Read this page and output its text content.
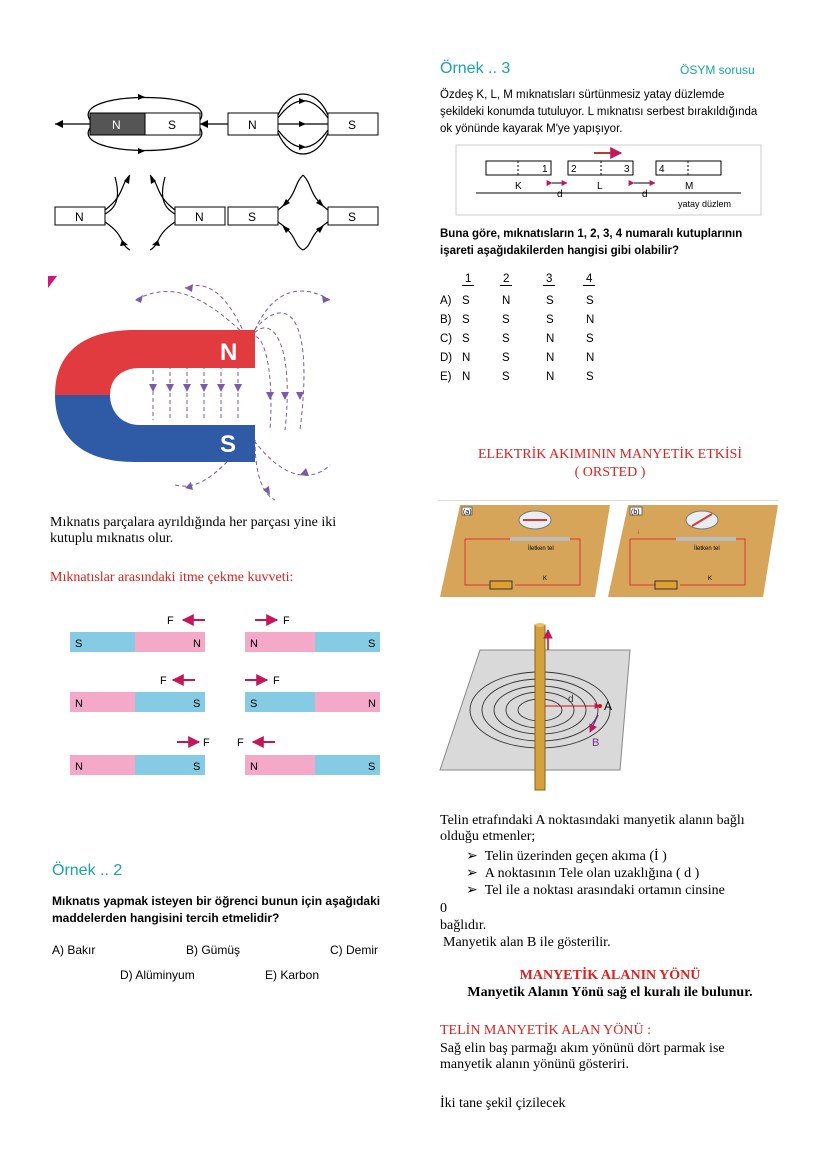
N	S	N	S
N	N	S	S
N
S
Mıknatıs parçalara ayrıldığında her parçası yine iki kutuplu mıknatıs olur.
Mıknatıslar arasındaki itme çekme kuvveti:
S	N	N	S
F	F
N	S	S	N
F	F
N	S	N	S
F F
Örnek .. 2
Mıknatıs yapmak isteyen bir öğrenci bunun için aşağıdaki maddelerden hangisini tercih etmelidir?
A) Bakır	B) Gümüş	C) Demir
D) Alüminyum	E) Karbon
Örnek .. 3	ÖSYM sorusu
Özdeş K, L, M mıknatısları sürtünmesiz yatay düzlemde şekildeki konumda tutuluyor. L mıknatısı serbest bırakıldığında ok yönünde kayarak M'ye yapışıyor.
1 2	3	4
K	L	M
d	d
yatay düzlem
Buna göre, mıknatısların 1, 2, 3, 4 numaralı kutuplarının işareti aşağıdakilerden hangisi gibi olabilir?
1	2	3	4
A) S	N	S	S
B) S	S	S	N
C) S	S	N	S
D) N	S	N	N
E) N	S	N	S
ELEKTRİK AKIMININ MANYETİK ETKİSİ
( ORSTED )
(a)	(b)
İletken tel	İletken tel
K	K
i
d	A
B
Telin etrafındaki A noktasındaki manyetik alanın bağlı olduğu etmenler;
➢  Telin üzerinden geçen akıma (İ )
➢  A noktasının Tele olan uzaklığına ( d )
➢  Tel ile a noktası arasındaki ortamın cinsine
0
bağlıdır.
Manyetik alan B ile gösterilir.
MANYETİK ALANIN YÖNÜ
Manyetik Alanın Yönü sağ el kuralı ile bulunur.
TELİN MANYETİK ALAN YÖNÜ :
Sağ elin baş parmağı akım yönünü dört parmak ise manyetik alanın yönünü gösteriri.
İki tane şekil çizilecek
